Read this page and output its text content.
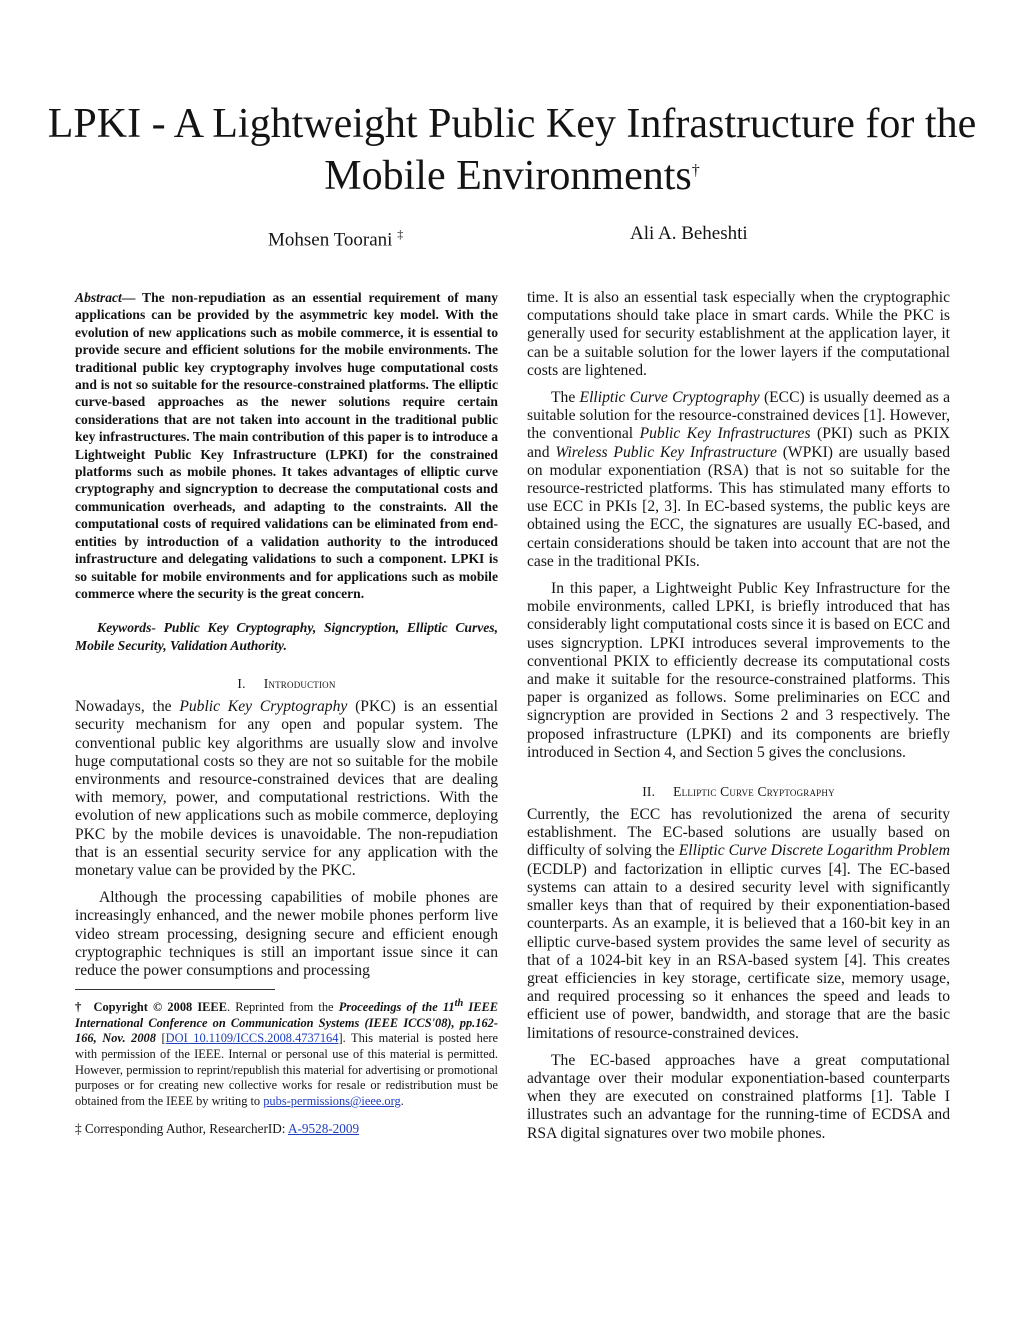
LPKI - A Lightweight Public Key Infrastructure for the Mobile Environments†
Mohsen Toorani ‡	Ali A. Beheshti

Abstract— The non-repudiation as an essential requirement of many applications can be provided by the asymmetric key model. With the evolution of new applications such as mobile commerce, it is essential to provide secure and efficient solutions for the mobile environments. The traditional public key cryptography involves huge computational costs and is not so suitable for the resource-constrained platforms. The elliptic curve-based approaches as the newer solutions require certain considerations that are not taken into account in the traditional public key infrastructures. The main contribution of this paper is to introduce a Lightweight Public Key Infrastructure (LPKI) for the constrained platforms such as mobile phones. It takes advantages of elliptic curve cryptography and signcryption to decrease the computational costs and communication overheads, and adapting to the constraints. All the computational costs of required validations can be eliminated from end-entities by introduction of a validation authority to the introduced infrastructure and delegating validations to such a component. LPKI is so suitable for mobile environments and for applications such as mobile commerce where the security is the great concern.

Keywords- Public Key Cryptography, Signcryption, Elliptic Curves, Mobile Security, Validation Authority.

I. Introduction

Nowadays, the Public Key Cryptography (PKC) is an essential security mechanism for any open and popular system. The conventional public key algorithms are usually slow and involve huge computational costs so they are not so suitable for the mobile environments and resource-constrained devices that are dealing with memory, power, and computational restrictions. With the evolution of new applications such as mobile commerce, deploying PKC by the mobile devices is unavoidable. The non-repudiation that is an essential security service for any application with the monetary value can be provided by the PKC.

Although the processing capabilities of mobile phones are increasingly enhanced, and the newer mobile phones perform live video stream processing, designing secure and efficient enough cryptographic techniques is still an important issue since it can reduce the power consumptions and processing

† Copyright © 2008 IEEE. Reprinted from the Proceedings of the 11th IEEE International Conference on Communication Systems (IEEE ICCS'08), pp.162-166, Nov. 2008 [DOI 10.1109/ICCS.2008.4737164]. This material is posted here with permission of the IEEE. Internal or personal use of this material is permitted. However, permission to reprint/republish this material for advertising or promotional purposes or for creating new collective works for resale or redistribution must be obtained from the IEEE by writing to pubs-permissions@ieee.org.

‡ Corresponding Author, ResearcherID: A-9528-2009

time. It is also an essential task especially when the cryptographic computations should take place in smart cards. While the PKC is generally used for security establishment at the application layer, it can be a suitable solution for the lower layers if the computational costs are lightened.

The Elliptic Curve Cryptography (ECC) is usually deemed as a suitable solution for the resource-constrained devices [1]. However, the conventional Public Key Infrastructures (PKI) such as PKIX and Wireless Public Key Infrastructure (WPKI) are usually based on modular exponentiation (RSA) that is not so suitable for the resource-restricted platforms. This has stimulated many efforts to use ECC in PKIs [2, 3]. In EC-based systems, the public keys are obtained using the ECC, the signatures are usually EC-based, and certain considerations should be taken into account that are not the case in the traditional PKIs.

In this paper, a Lightweight Public Key Infrastructure for the mobile environments, called LPKI, is briefly introduced that has considerably light computational costs since it is based on ECC and uses signcryption. LPKI introduces several improvements to the conventional PKIX to efficiently decrease its computational costs and make it suitable for the resource-constrained platforms. This paper is organized as follows. Some preliminaries on ECC and signcryption are provided in Sections 2 and 3 respectively. The proposed infrastructure (LPKI) and its components are briefly introduced in Section 4, and Section 5 gives the conclusions.

II. Elliptic Curve Cryptography

Currently, the ECC has revolutionized the arena of security establishment. The EC-based solutions are usually based on difficulty of solving the Elliptic Curve Discrete Logarithm Problem (ECDLP) and factorization in elliptic curves [4]. The EC-based systems can attain to a desired security level with significantly smaller keys than that of required by their exponentiation-based counterparts. As an example, it is believed that a 160-bit key in an elliptic curve-based system provides the same level of security as that of a 1024-bit key in an RSA-based system [4]. This creates great efficiencies in key storage, certificate size, memory usage, and required processing so it enhances the speed and leads to efficient use of power, bandwidth, and storage that are the basic limitations of resource-constrained devices.

The EC-based approaches have a great computational advantage over their modular exponentiation-based counterparts when they are executed on constrained platforms [1]. Table I illustrates such an advantage for the running-time of ECDSA and RSA digital signatures over two mobile phones.
